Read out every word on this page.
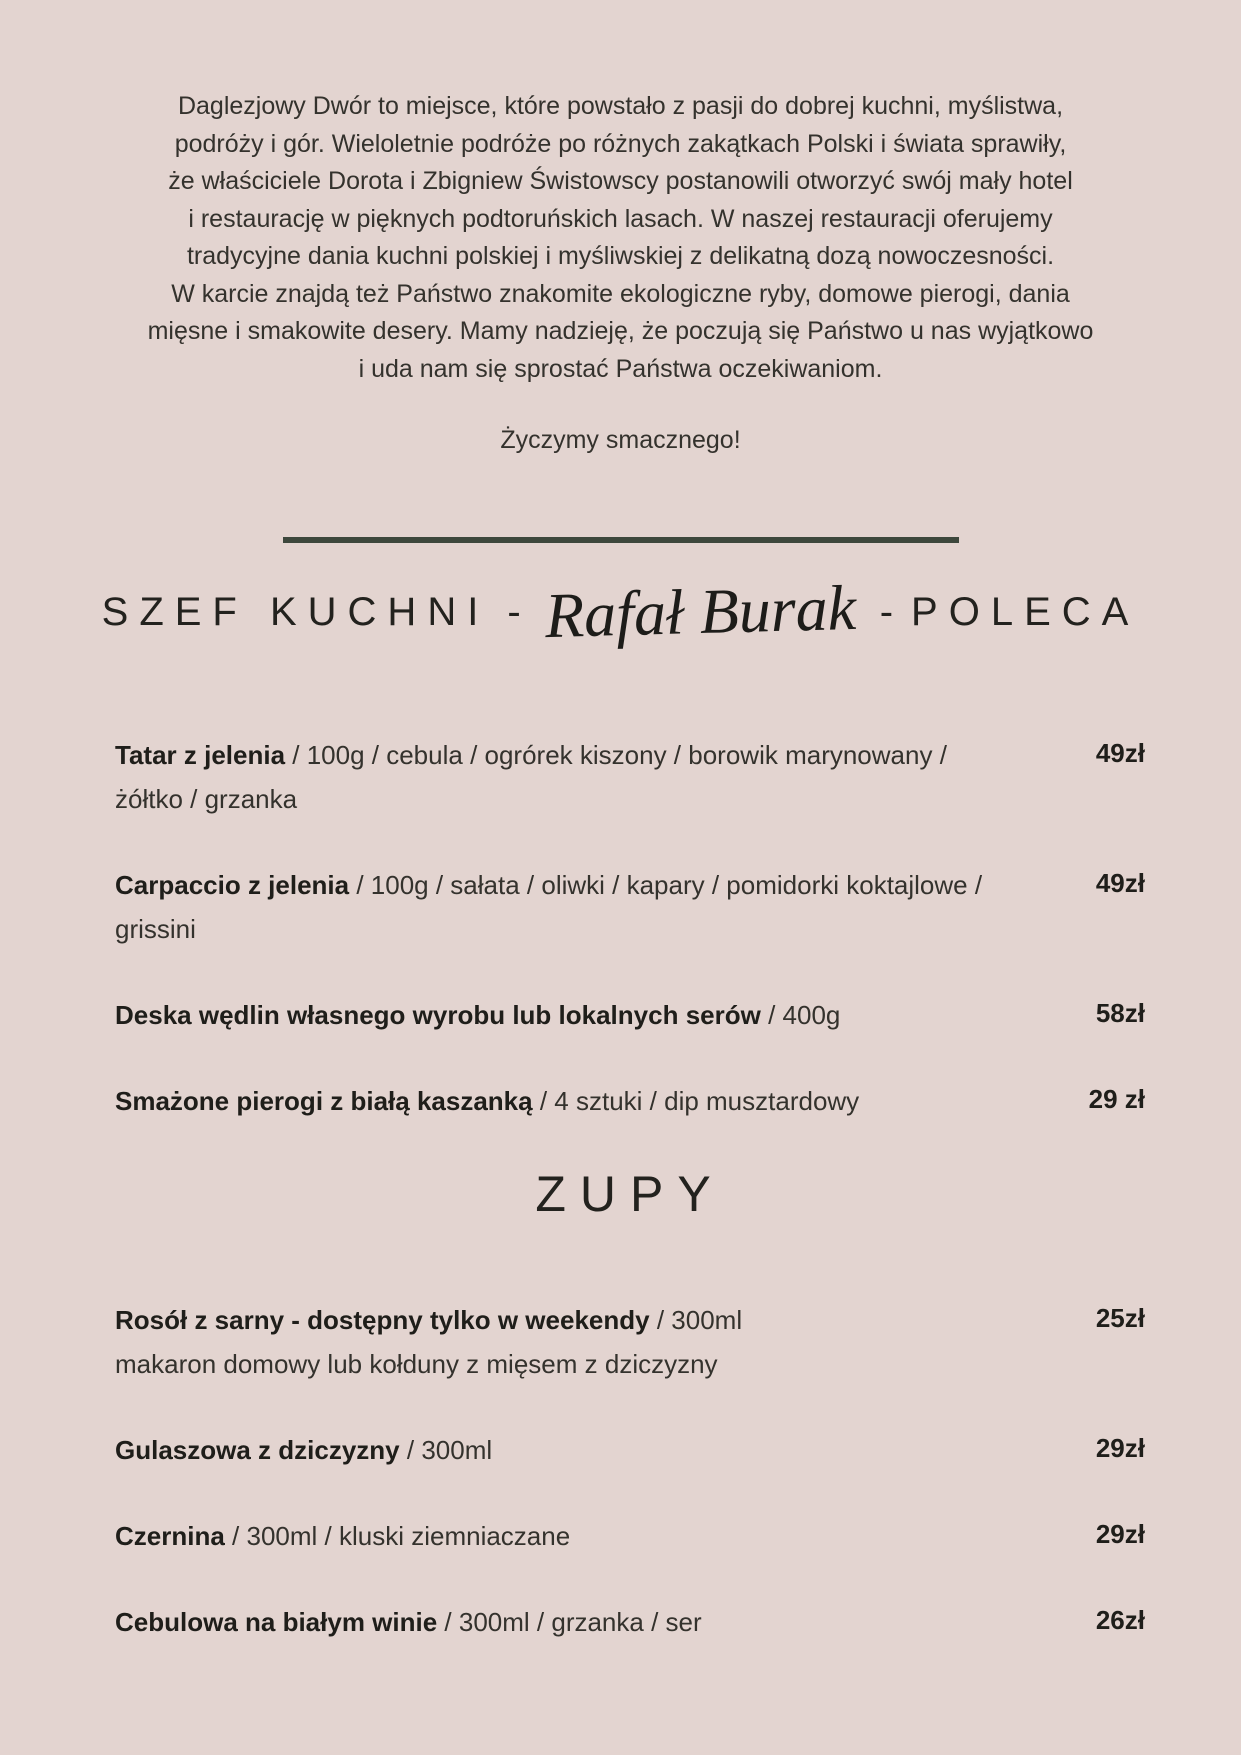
Daglezjowy Dwór to miejsce, które powstało z pasji do dobrej kuchni, myślistwa,
podróży i gór. Wieloletnie podróże po różnych zakątkach Polski i świata sprawiły,
że właściciele Dorota i Zbigniew Świstowscy postanowili otworzyć swój mały hotel
i restaurację w pięknych podtoruńskich lasach. W naszej restauracji oferujemy
tradycyjne dania kuchni polskiej i myśliwskiej z delikatną dozą nowoczesności.
W karcie znajdą też Państwo znakomite ekologiczne ryby, domowe pierogi, dania
mięsne i smakowite desery. Mamy nadzieję, że poczują się Państwo u nas wyjątkowo
i uda nam się sprostać Państwa oczekiwaniom.
Życzymy smacznego!
SZEF KUCHNI - Rafał Burak - POLECA
Tatar z jelenia / 100g / cebula / ogrórek kiszony / borowik marynowany / żółtko / grzanka
49zł
Carpaccio z jelenia / 100g / sałata / oliwki / kapary / pomidorki koktajlowe / grissini
49zł
Deska wędlin własnego wyrobu lub lokalnych serów / 400g	58zł
Smażone pierogi z białą kaszanką / 4 sztuki / dip musztardowy	29 zł
ZUPY
Rosół z sarny - dostępny tylko w weekendy / 300ml
makaron domowy lub kołduny z mięsem z dziczyzny
25zł
Gulaszowa z dziczyzny / 300ml	29zł
Czernina / 300ml / kluski ziemniaczane	29zł
Cebulowa na białym winie / 300ml / grzanka / ser	26zł
